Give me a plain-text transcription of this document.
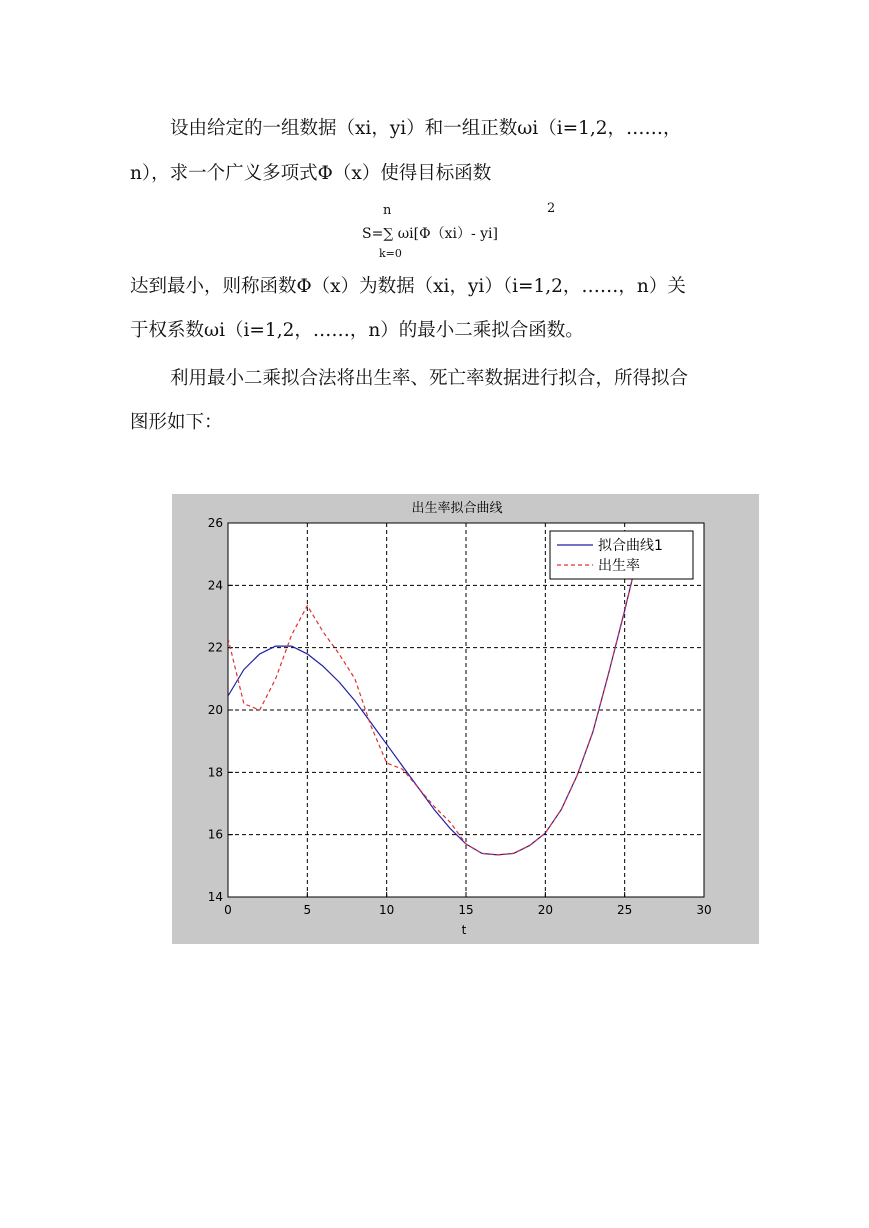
设由给定的一组数据（xi，yi）和一组正数ωi（i=1,2，……，
n），求一个广义多项式Φ（x）使得目标函数
n	2
S=∑ ωi[Φ（xi）- yi]
k=0
达到最小，则称函数Φ（x）为数据（xi，yi）（i=1,2，……，n）关
于权系数ωi（i=1,2，……，n）的最小二乘拟合函数。
利用最小二乘拟合法将出生率、死亡率数据进行拟合，所得拟合
图形如下：
出生率拟合曲线
0	5	10	15	20	25	30
14
16
18
20
22
24
26
t
拟合曲线1
出生率
